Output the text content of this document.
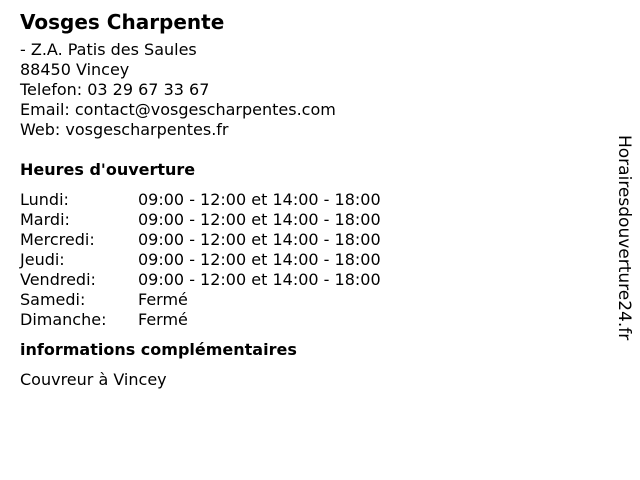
Vosges Charpente
- Z.A. Patis des Saules
88450 Vincey
Telefon: 03 29 67 33 67
Email: contact@vosgescharpentes.com
Web: vosgescharpentes.fr
Heures d'ouverture
Lundi:	09:00 - 12:00 et 14:00 - 18:00
Mardi:	09:00 - 12:00 et 14:00 - 18:00
Mercredi:	09:00 - 12:00 et 14:00 - 18:00
Jeudi:	09:00 - 12:00 et 14:00 - 18:00
Vendredi:	09:00 - 12:00 et 14:00 - 18:00
Samedi:	Fermé
Dimanche: Fermé
informations complémentaires
Couvreur à Vincey
Horairesdouverture24.fr
